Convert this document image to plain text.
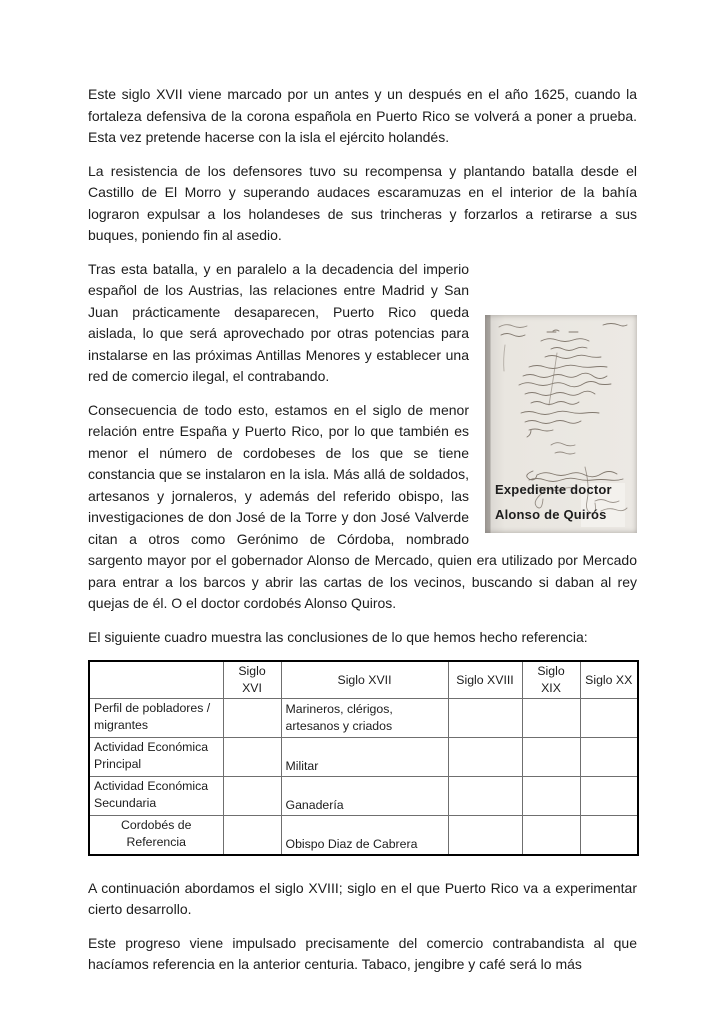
Este siglo XVII viene marcado por un antes y un después en el año 1625, cuando la fortaleza defensiva de la corona española en Puerto Rico se volverá a poner a prueba. Esta vez pretende hacerse con la isla el ejército holandés.

La resistencia de los defensores tuvo su recompensa y plantando batalla desde el Castillo de El Morro y superando audaces escaramuzas en el interior de la bahía lograron expulsar a los holandeses de sus trincheras y forzarlos a retirarse a sus buques, poniendo fin al asedio.

Expediente doctor
Alonso de Quirós

Tras esta batalla, y en paralelo a la decadencia del imperio español de los Austrias, las relaciones entre Madrid y San Juan prácticamente desaparecen, Puerto Rico queda aislada, lo que será aprovechado por otras potencias para instalarse en las próximas Antillas Menores y establecer una red de comercio ilegal, el contrabando.

Consecuencia de todo esto, estamos en el siglo de menor relación entre España y Puerto Rico, por lo que también es menor el número de cordobeses de los que se tiene constancia que se instalaron en la isla. Más allá de soldados, artesanos y jornaleros, y además del referido obispo, las investigaciones de don José de la Torre y don José Valverde citan a otros como Gerónimo de Córdoba, nombrado sargento mayor por el gobernador Alonso de Mercado, quien era utilizado por Mercado para entrar a los barcos y abrir las cartas de los vecinos, buscando si daban al rey quejas de él. O el doctor cordobés Alonso Quiros.

El siguiente cuadro muestra las conclusiones de lo que hemos hecho referencia:

	Siglo XVI	Siglo XVII	Siglo XVIII	Siglo XIX	Siglo XX
Perfil de pobladores / migrantes		Marineros, clérigos, artesanos y criados			
Actividad Económica Principal		Militar			
Actividad Económica Secundaria		Ganadería			
Cordobés de Referencia		Obispo Diaz de Cabrera			

A continuación abordamos el siglo XVIII; siglo en el que Puerto Rico va a experimentar cierto desarrollo.

Este progreso viene impulsado precisamente del comercio contrabandista al que hacíamos referencia en la anterior centuria. Tabaco, jengibre y café será lo más
